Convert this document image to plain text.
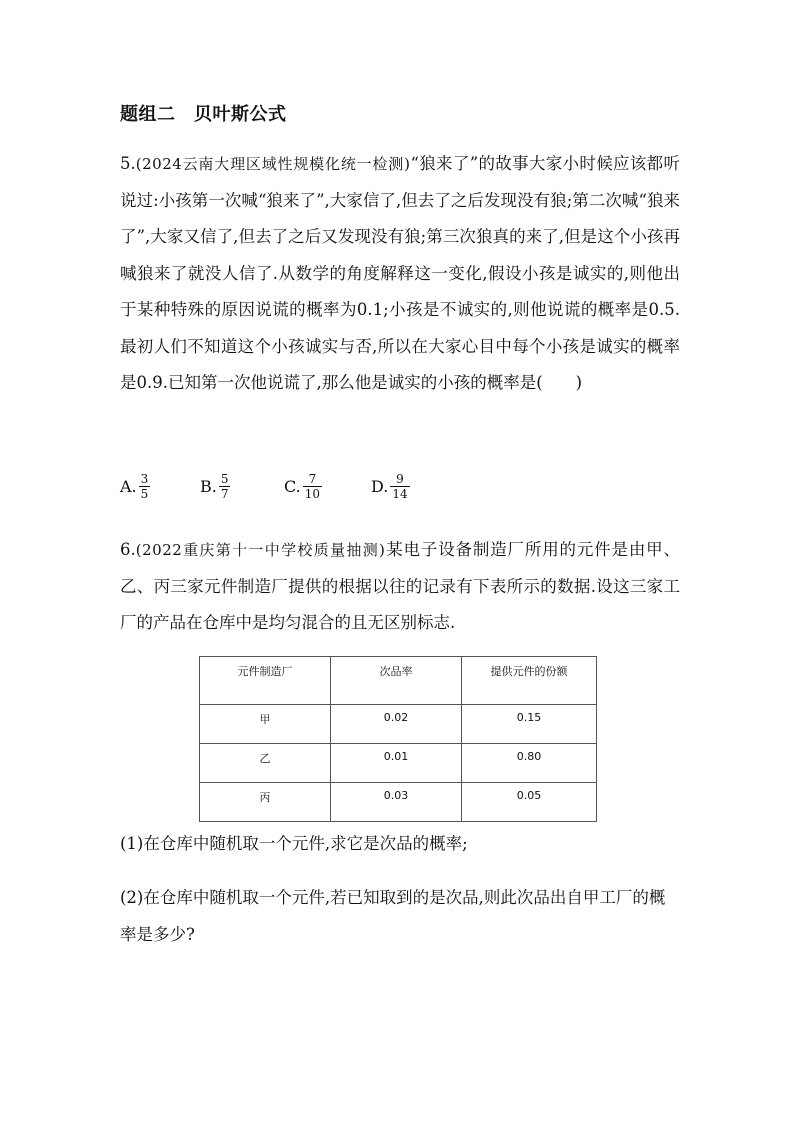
题组二　贝叶斯公式
5.(2024云南大理区域性规模化统一检测)“狼来了”的故事大家小时候应该都听说过:小孩第一次喊“狼来了”,大家信了,但去了之后发现没有狼;第二次喊“狼来了”,大家又信了,但去了之后又发现没有狼;第三次狼真的来了,但是这个小孩再喊狼来了就没人信了.从数学的角度解释这一变化,假设小孩是诚实的,则他出于某种特殊的原因说谎的概率为0.1;小孩是不诚实的,则他说谎的概率是0.5.最初人们不知道这个小孩诚实与否,所以在大家心目中每个小孩是诚实的概率是0.9.已知第一次他说谎了,那么他是诚实的小孩的概率是(　　)
A. $\frac{3}{5}$	B. $\frac{5}{7}$	C. $\frac{7}{10}$	D. $\frac{9}{14}$
6.(2022重庆第十一中学校质量抽测)某电子设备制造厂所用的元件是由甲、乙、丙三家元件制造厂提供的根据以往的记录有下表所示的数据.设这三家工厂的产品在仓库中是均匀混合的且无区别标志.
元件制造厂	次品率	提供元件的份额
甲	0.02	0.15
乙	0.01	0.80
丙	0.03	0.05
(1)在仓库中随机取一个元件,求它是次品的概率;
(2)在仓库中随机取一个元件,若已知取到的是次品,则此次品出自甲工厂的概率是多少?
